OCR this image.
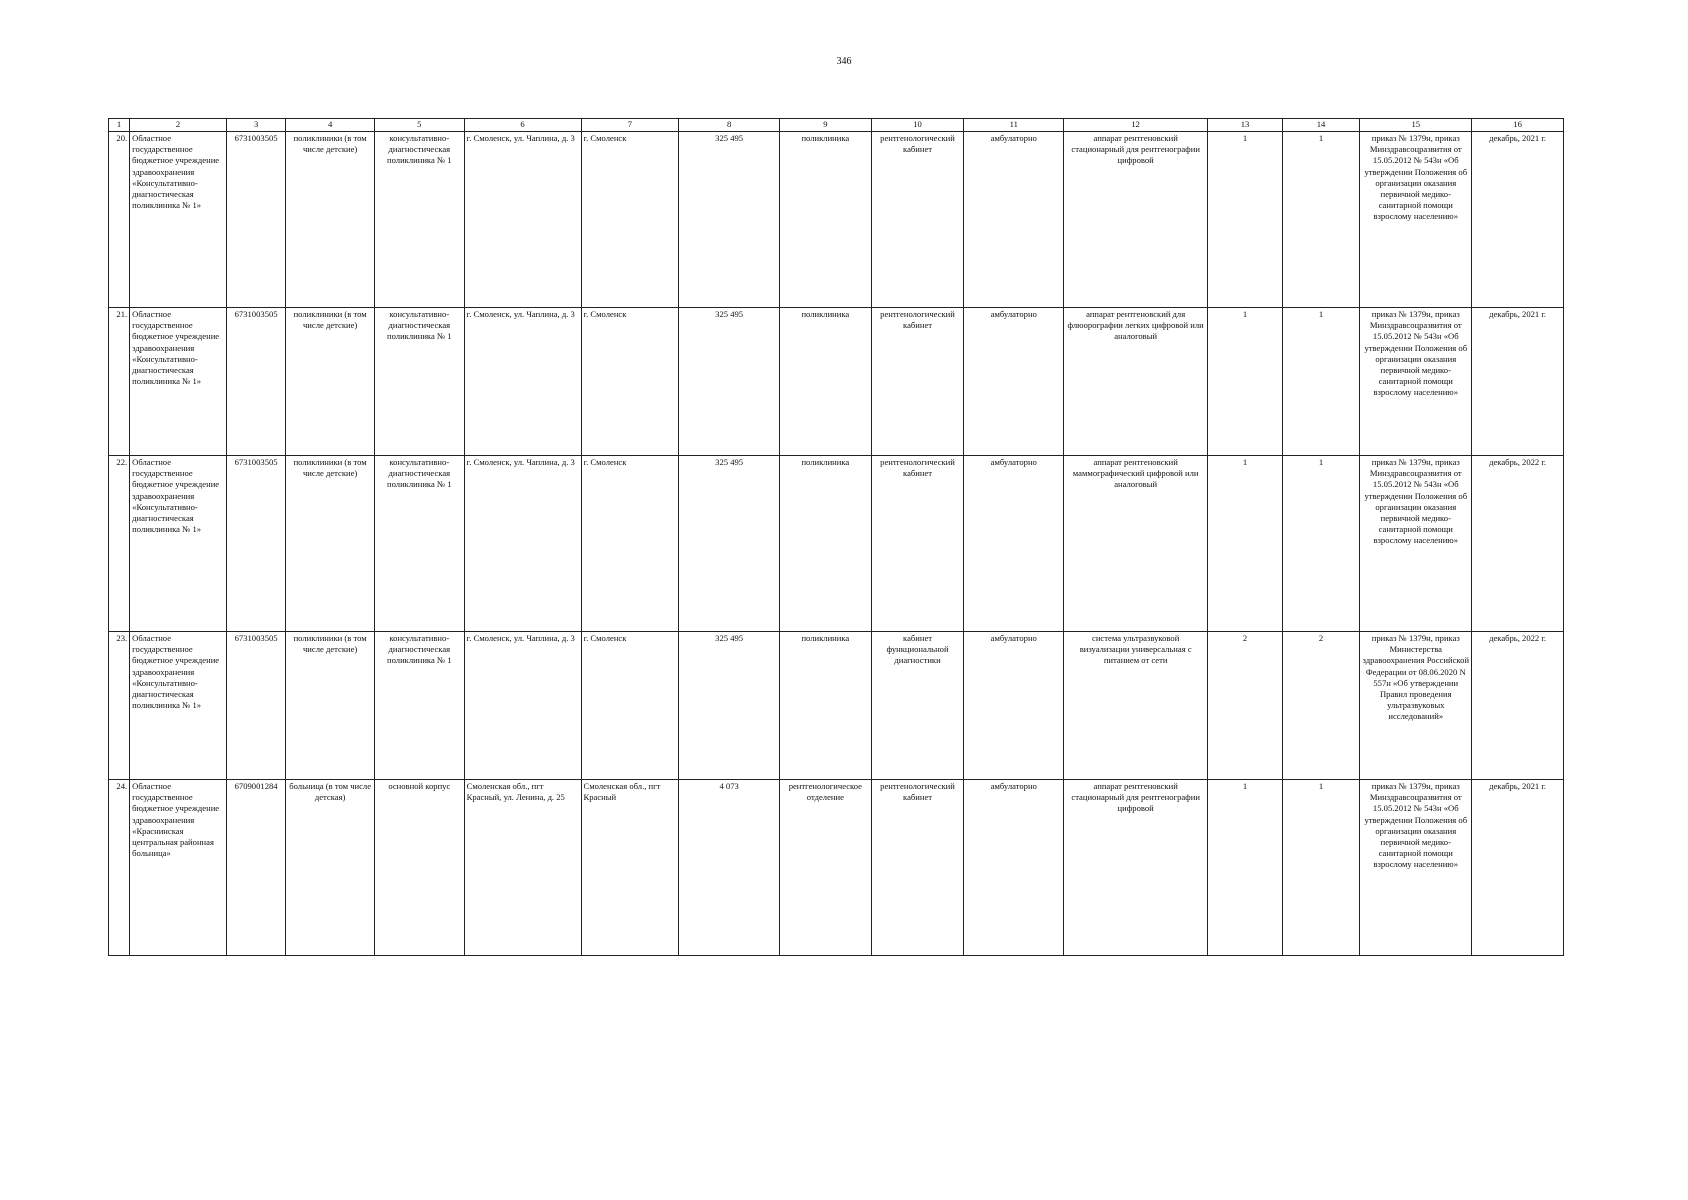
346
1	2	3	4	5	6	7	8	9	10	11	12	13	14	15	16
20.	Областное государственное бюджетное учреждение здравоохранения «Консультативно-диагностическая поликлиника № 1»	6731003505	поликлиники (в том числе детские)	консультативно-диагностическая поликлиника № 1	г. Смоленск, ул. Чаплина, д. 3	г. Смоленск	325 495	поликлиника	рентгенологический кабинет	амбулаторно	аппарат рентгеновский стационарный для рентгенографии цифровой	1	1	приказ № 1379н, приказ Минздравсоцразвития от 15.05.2012 № 543н «Об утверждении Положения об организации оказания первичной медико-санитарной помощи взрослому населению»	декабрь, 2021 г.
21.	Областное государственное бюджетное учреждение здравоохранения «Консультативно-диагностическая поликлиника № 1»	6731003505	поликлиники (в том числе детские)	консультативно-диагностическая поликлиника № 1	г. Смоленск, ул. Чаплина, д. 3	г. Смоленск	325 495	поликлиника	рентгенологический кабинет	амбулаторно	аппарат рентгеновский для флюорографии легких цифровой или аналоговый	1	1	приказ № 1379н, приказ Минздравсоцразвития от 15.05.2012 № 543н «Об утверждении Положения об организации оказания первичной медико-санитарной помощи взрослому населению»	декабрь, 2021 г.
22.	Областное государственное бюджетное учреждение здравоохранения «Консультативно-диагностическая поликлиника № 1»	6731003505	поликлиники (в том числе детские)	консультативно-диагностическая поликлиника № 1	г. Смоленск, ул. Чаплина, д. 3	г. Смоленск	325 495	поликлиника	рентгенологический кабинет	амбулаторно	аппарат рентгеновский маммографический цифровой или аналоговый	1	1	приказ № 1379н, приказ Минздравсоцразвития от 15.05.2012 № 543н «Об утверждении Положения об организации оказания первичной медико-санитарной помощи взрослому населению»	декабрь, 2022 г.
23.	Областное государственное бюджетное учреждение здравоохранения «Консультативно-диагностическая поликлиника № 1»	6731003505	поликлиники (в том числе детские)	консультативно-диагностическая поликлиника № 1	г. Смоленск, ул. Чаплина, д. 3	г. Смоленск	325 495	поликлиника	кабинет функциональной диагностики	амбулаторно	система ультразвуковой визуализации универсальная с питанием от сети	2	2	приказ № 1379н, приказ Министерства здравоохранения Российской Федерации от 08.06.2020 N 557н «Об утверждении Правил проведения ультразвуковых исследований»	декабрь, 2022 г.
24.	Областное государственное бюджетное учреждение здравоохранения «Краснинская центральная районная больница»	6709001284	больница (в том числе детская)	основной корпус	Смоленская обл., пгт Красный, ул. Ленина, д. 25	Смоленская обл., пгт Красный	4 073	рентгенологическое отделение	рентгенологический кабинет	амбулаторно	аппарат рентгеновский стационарный для рентгенографии цифровой	1	1	приказ № 1379н, приказ Минздравсоцразвития от 15.05.2012 № 543н «Об утверждении Положения об организации оказания первичной медико-санитарной помощи взрослому населению»	декабрь, 2021 г.
